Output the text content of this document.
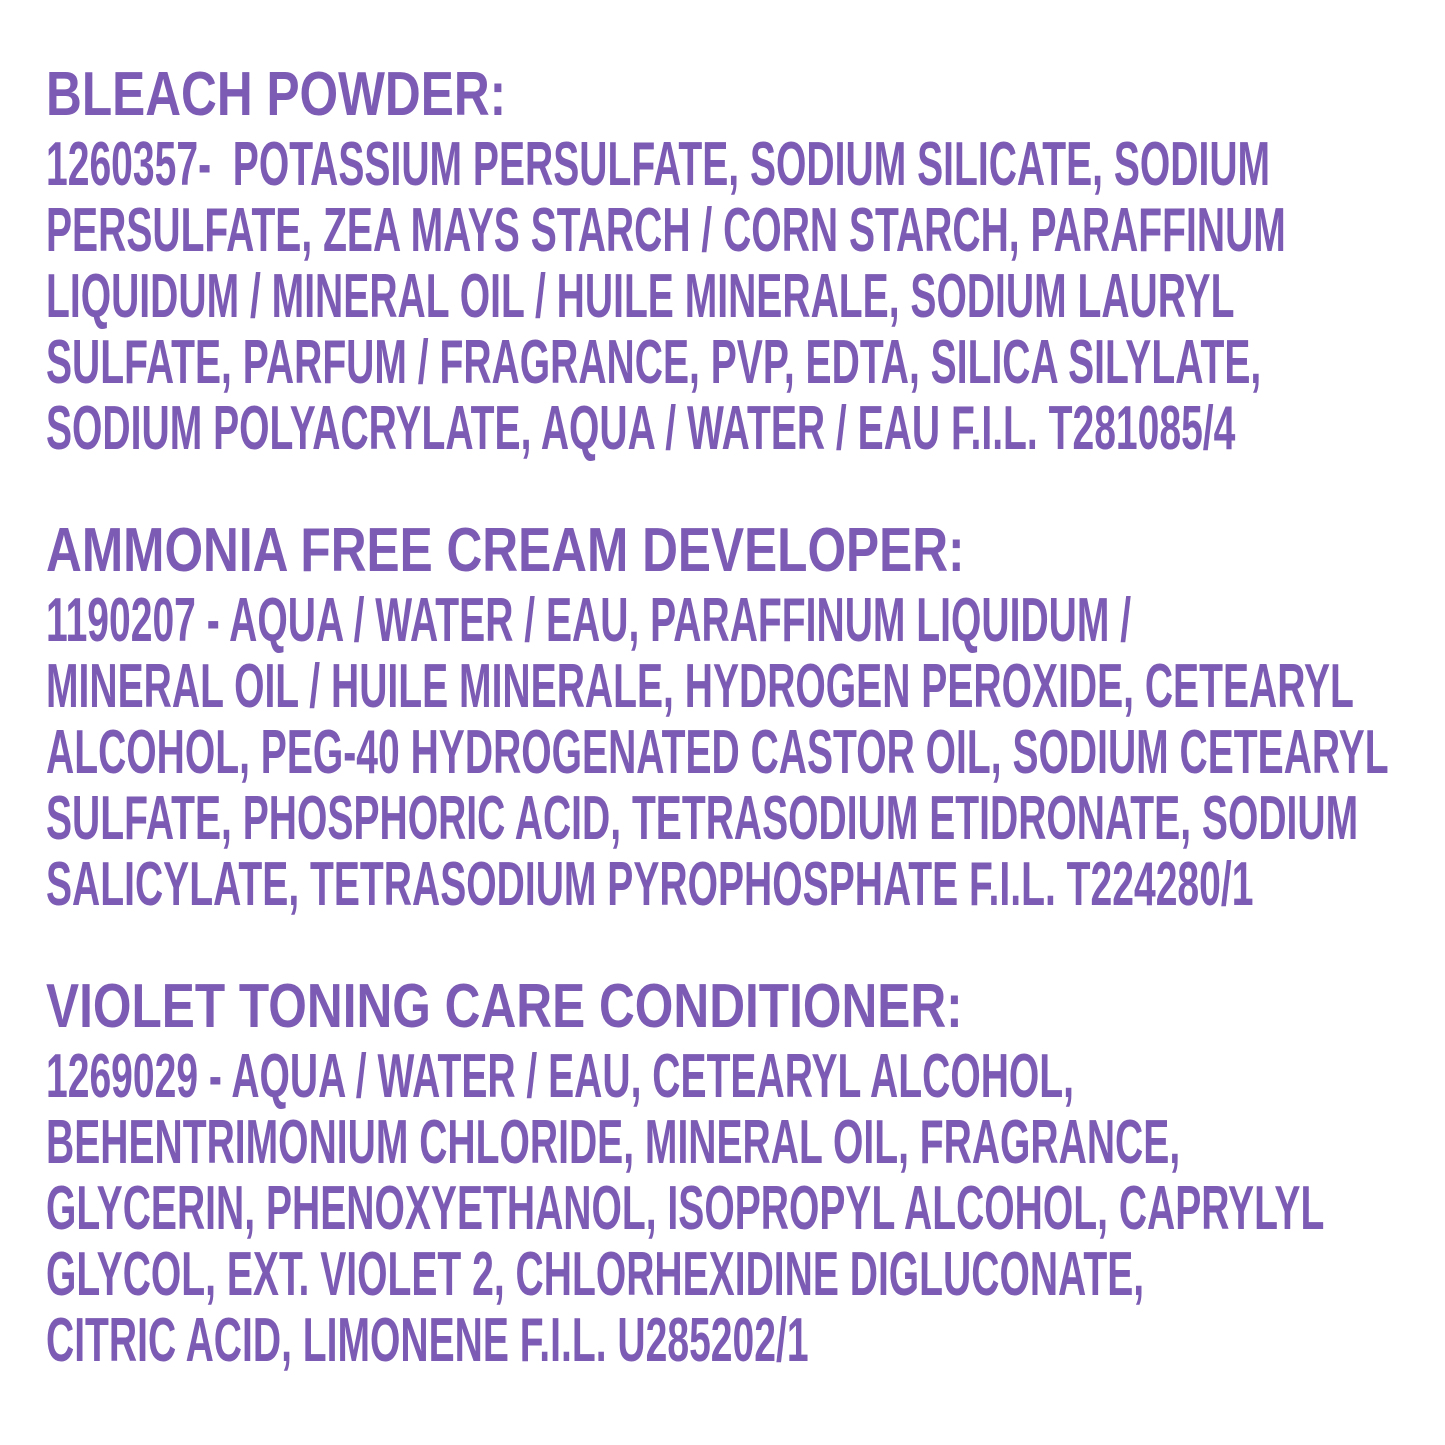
BLEACH POWDER:
1260357-  POTASSIUM PERSULFATE, SODIUM SILICATE, SODIUM
PERSULFATE, ZEA MAYS STARCH / CORN STARCH, PARAFFINUM
LIQUIDUM / MINERAL OIL / HUILE MINERALE, SODIUM LAURYL
SULFATE, PARFUM / FRAGRANCE, PVP, EDTA, SILICA SILYLATE,
SODIUM POLYACRYLATE, AQUA / WATER / EAU F.I.L. T281085/4
AMMONIA FREE CREAM DEVELOPER:
1190207 - AQUA / WATER / EAU, PARAFFINUM LIQUIDUM /
MINERAL OIL / HUILE MINERALE, HYDROGEN PEROXIDE, CETEARYL
ALCOHOL, PEG-40 HYDROGENATED CASTOR OIL, SODIUM CETEARYL
SULFATE, PHOSPHORIC ACID, TETRASODIUM ETIDRONATE, SODIUM
SALICYLATE, TETRASODIUM PYROPHOSPHATE F.I.L. T224280/1
VIOLET TONING CARE CONDITIONER:
1269029 - AQUA / WATER / EAU, CETEARYL ALCOHOL,
BEHENTRIMONIUM CHLORIDE, MINERAL OIL, FRAGRANCE,
GLYCERIN, PHENOXYETHANOL, ISOPROPYL ALCOHOL, CAPRYLYL
GLYCOL, EXT. VIOLET 2, CHLORHEXIDINE DIGLUCONATE,
CITRIC ACID, LIMONENE F.I.L. U285202/1
